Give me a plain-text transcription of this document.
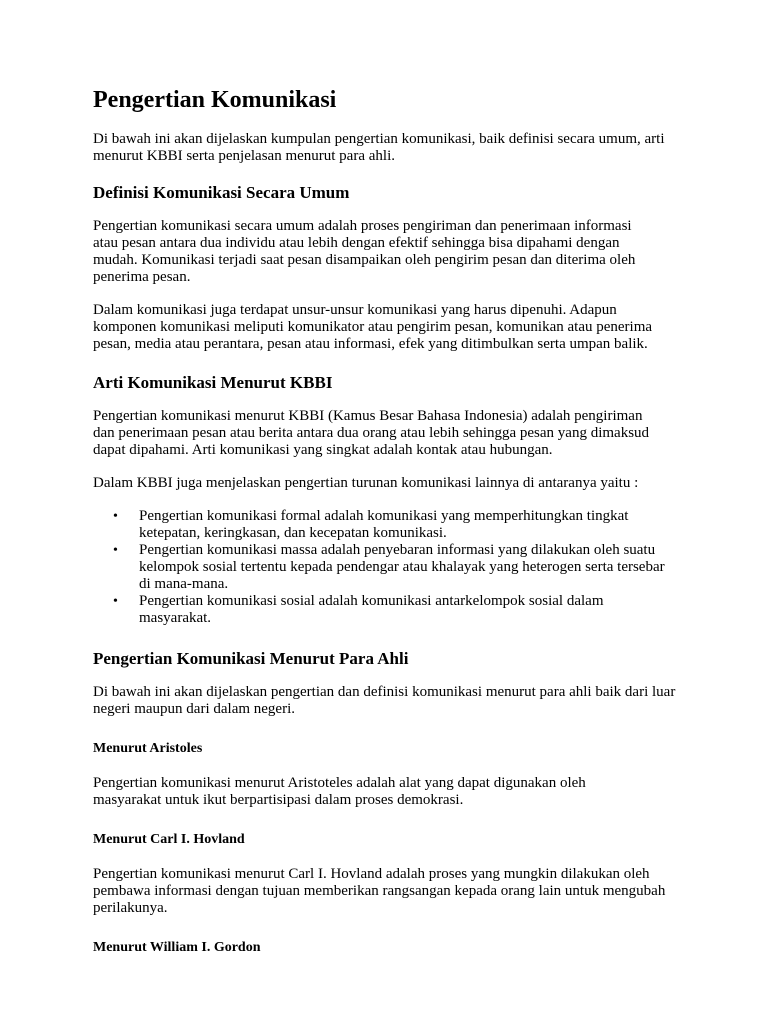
Pengertian Komunikasi

Di bawah ini akan dijelaskan kumpulan pengertian komunikasi, baik definisi secara umum, arti menurut KBBI serta penjelasan menurut para ahli.

Definisi Komunikasi Secara Umum

Pengertian komunikasi secara umum adalah proses pengiriman dan penerimaan informasi atau pesan antara dua individu atau lebih dengan efektif sehingga bisa dipahami dengan mudah. Komunikasi terjadi saat pesan disampaikan oleh pengirim pesan dan diterima oleh penerima pesan.

Dalam komunikasi juga terdapat unsur-unsur komunikasi yang harus dipenuhi. Adapun komponen komunikasi meliputi komunikator atau pengirim pesan, komunikan atau penerima pesan, media atau perantara, pesan atau informasi, efek yang ditimbulkan serta umpan balik.

Arti Komunikasi Menurut KBBI

Pengertian komunikasi menurut KBBI (Kamus Besar Bahasa Indonesia) adalah pengiriman dan penerimaan pesan atau berita antara dua orang atau lebih sehingga pesan yang dimaksud dapat dipahami. Arti komunikasi yang singkat adalah kontak atau hubungan.

Dalam KBBI juga menjelaskan pengertian turunan komunikasi lainnya di antaranya yaitu :

• Pengertian komunikasi formal adalah komunikasi yang memperhitungkan tingkat ketepatan, keringkasan, dan kecepatan komunikasi.
• Pengertian komunikasi massa adalah penyebaran informasi yang dilakukan oleh suatu kelompok sosial tertentu kepada pendengar atau khalayak yang heterogen serta tersebar di mana-mana.
• Pengertian komunikasi sosial adalah komunikasi antarkelompok sosial dalam masyarakat.
Pengertian Komunikasi Menurut Para Ahli

Di bawah ini akan dijelaskan pengertian dan definisi komunikasi menurut para ahli baik dari luar negeri maupun dari dalam negeri.

Menurut Aristoles

Pengertian komunikasi menurut Aristoteles adalah alat yang dapat digunakan oleh masyarakat untuk ikut berpartisipasi dalam proses demokrasi.

Menurut Carl I. Hovland

Pengertian komunikasi menurut Carl I. Hovland adalah proses yang mungkin dilakukan oleh pembawa informasi dengan tujuan memberikan rangsangan kepada orang lain untuk mengubah perilakunya.

Menurut William I. Gordon
